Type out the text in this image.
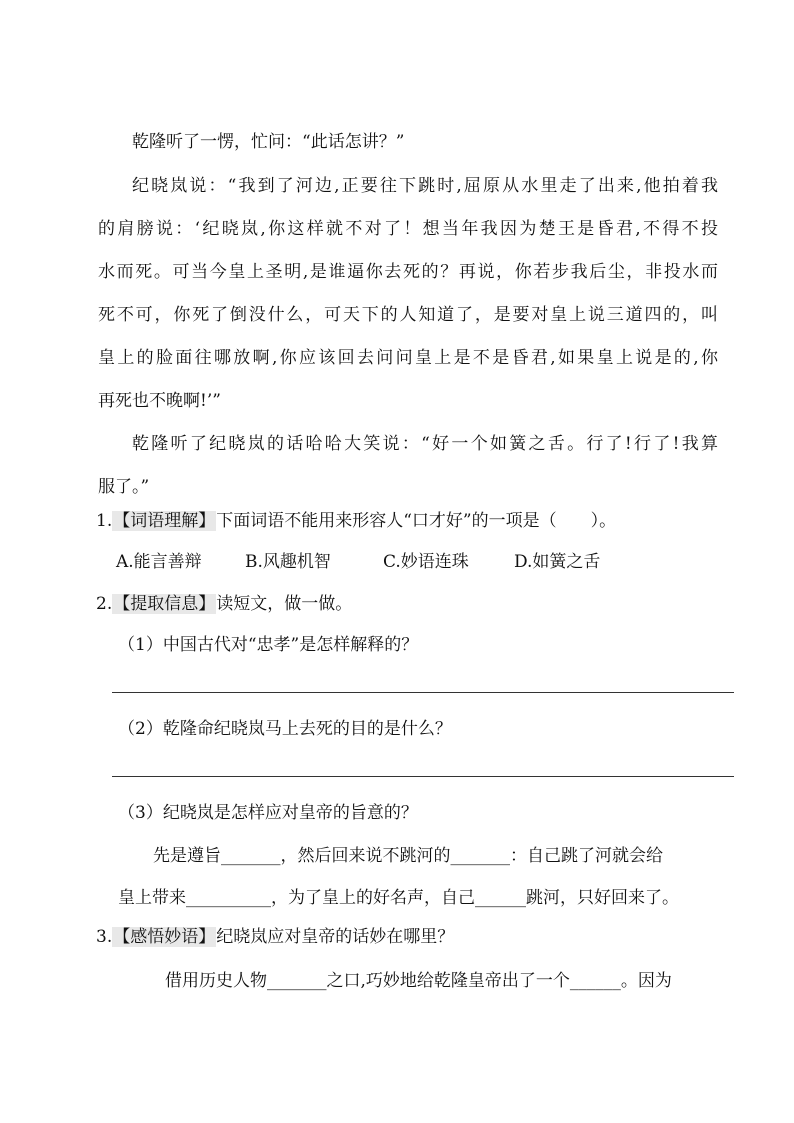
乾隆听了一愣，忙问：“此话怎讲？”
纪晓岚说：“我到了河边,正要往下跳时,屈原从水里走了出来,他拍着我
的肩膀说：‘纪晓岚,你这样就不对了！想当年我因为楚王是昏君,不得不投
水而死。可当今皇上圣明,是谁逼你去死的？再说，你若步我后尘，非投水而
死不可，你死了倒没什么，可天下的人知道了，是要对皇上说三道四的，叫
皇上的脸面往哪放啊,你应该回去问问皇上是不是昏君,如果皇上说是的,你
再死也不晚啊!’”
乾隆听了纪晓岚的话哈哈大笑说：“好一个如簧之舌。行了!行了!我算
服了。”
1.【词语理解】下面词语不能用来形容人“口才好”的一项是（　　）。
A.能言善辩	B.风趣机智	C.妙语连珠	D.如簧之舌
2.【提取信息】读短文，做一做。
（1）中国古代对“忠孝”是怎样解释的？
（2）乾隆命纪晓岚马上去死的目的是什么？
（3）纪晓岚是怎样应对皇帝的旨意的？
先是遵旨_______，然后回来说不跳河的_______：自己跳了河就会给
皇上带来__________，为了皇上的好名声，自己______跳河，只好回来了。
3.【感悟妙语】纪晓岚应对皇帝的话妙在哪里？
借用历史人物_______之口,巧妙地给乾隆皇帝出了一个______。因为
